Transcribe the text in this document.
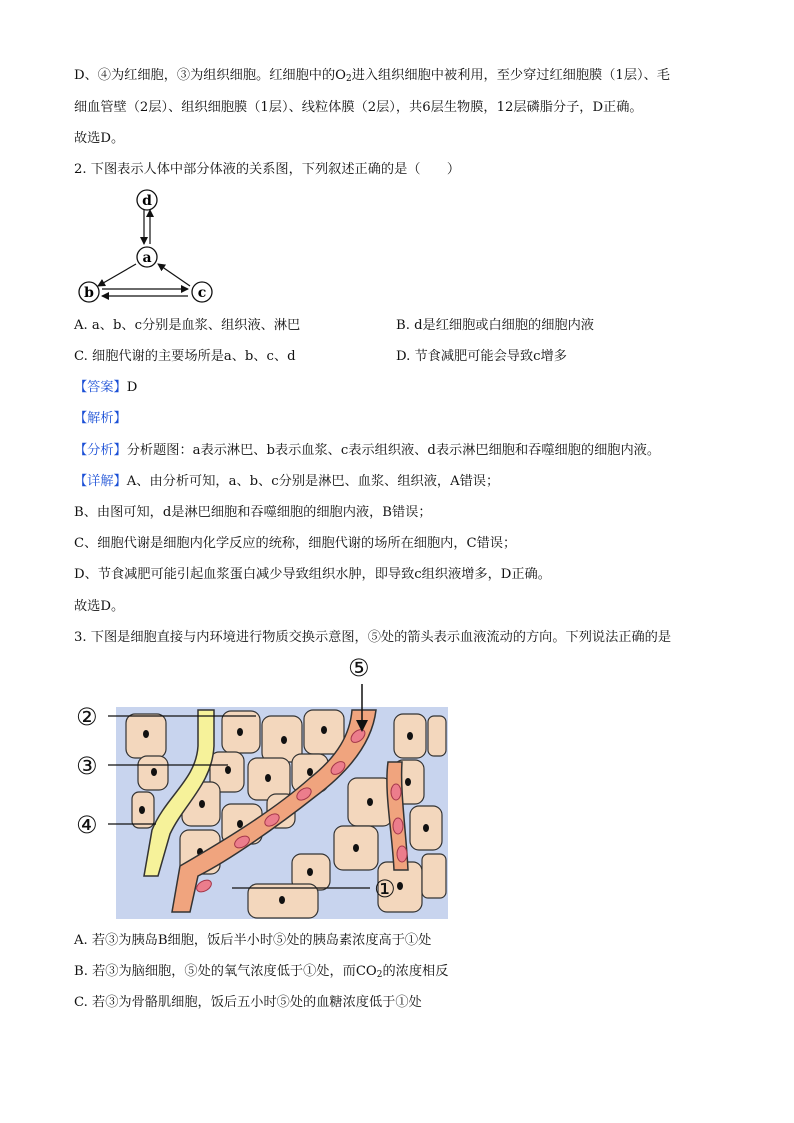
D、④为红细胞，③为组织细胞。红细胞中的$O_2$进入组织细胞中被利用，至少穿过红细胞膜（1层）、毛
细血管壁（2层）、组织细胞膜（1层）、线粒体膜（2层），共6层生物膜，12层磷脂分子，D正确。
故选D。
2. 下图表示人体中部分体液的关系图，下列叙述正确的是（　　）
d
a
b	c
A. a、b、c分别是血浆、组织液、淋巴	B. d是红细胞或白细胞的细胞内液
C. 细胞代谢的主要场所是a、b、c、d	D. 节食减肥可能会导致c增多
【答案】D
【解析】
【分析】分析题图：a表示淋巴、b表示血浆、c表示组织液、d表示淋巴细胞和吞噬细胞的细胞内液。
【详解】A、由分析可知，a、b、c分别是淋巴、血浆、组织液，A错误；
B、由图可知，d是淋巴细胞和吞噬细胞的细胞内液，B错误；
C、细胞代谢是细胞内化学反应的统称，细胞代谢的场所在细胞内，C错误；
D、节食减肥可能引起血浆蛋白减少导致组织水肿，即导致c组织液增多，D正确。
故选D。
3. 下图是细胞直接与内环境进行物质交换示意图，⑤处的箭头表示血液流动的方向。下列说法正确的是
②
③
④
⑤
①
A. 若③为胰岛B细胞，饭后半小时⑤处的胰岛素浓度高于①处
B. 若③为脑细胞，⑤处的氧气浓度低于①处，而$CO_2$的浓度相反
C. 若③为骨骼肌细胞，饭后五小时⑤处的血糖浓度低于①处
